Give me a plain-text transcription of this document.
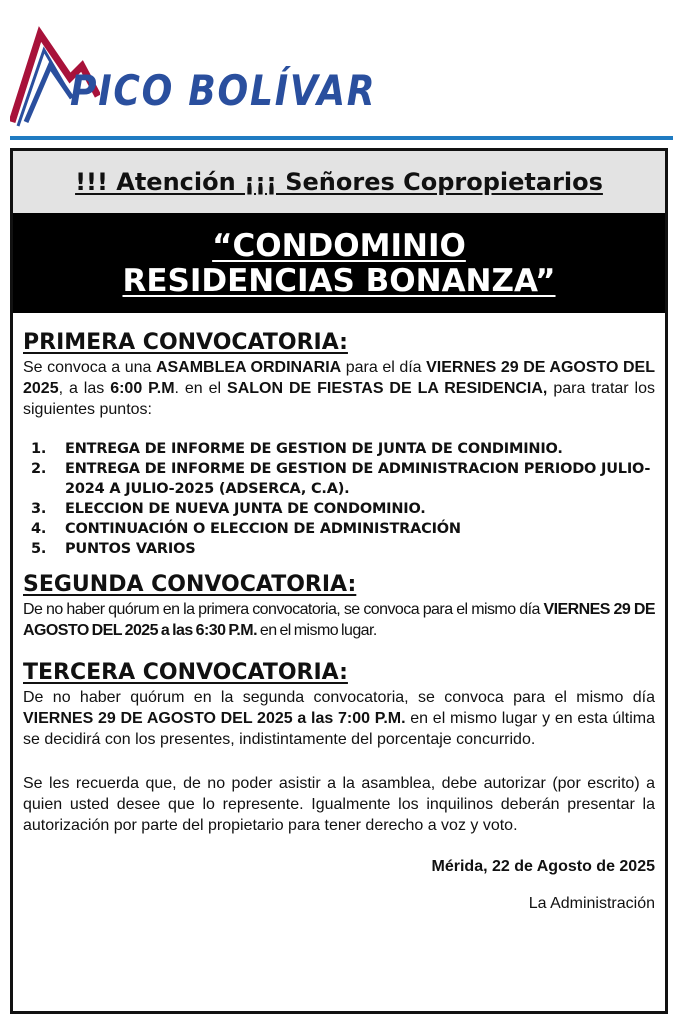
PICO BOLÍVAR
!!! Atención ¡¡¡ Señores Copropietarios
“CONDOMINIO
RESIDENCIAS BONANZA”
PRIMERA CONVOCATORIA:

Se convoca a una ASAMBLEA ORDINARIA para el día VIERNES 29 DE AGOSTO DEL 2025, a las 6:00 P.M. en el SALON DE FIESTAS DE LA RESIDENCIA, para tratar los siguientes puntos:

1. ENTREGA DE INFORME DE GESTION DE JUNTA DE CONDIMINIO.
2. ENTREGA DE INFORME DE GESTION DE ADMINISTRACION PERIODO JULIO-2024 A JULIO-2025 (ADSERCA, C.A).
3. ELECCION DE NUEVA JUNTA DE CONDOMINIO.
4. CONTINUACIÓN O ELECCION DE ADMINISTRACIÓN
5. PUNTOS VARIOS
SEGUNDA CONVOCATORIA:

De no haber quórum en la primera convocatoria, se convoca para el mismo día VIERNES 29 DE AGOSTO DEL 2025 a las 6:30 P.M. en el mismo lugar.

TERCERA CONVOCATORIA:

De no haber quórum en la segunda convocatoria, se convoca para el mismo día VIERNES 29 DE AGOSTO DEL 2025 a las 7:00 P.M. en el mismo lugar y en esta última se decidirá con los presentes, indistintamente del porcentaje concurrido.

Se les recuerda que, de no poder asistir a la asamblea, debe autorizar (por escrito) a quien usted desee que lo represente. Igualmente los inquilinos deberán presentar la autorización por parte del propietario para tener derecho a voz y voto.

Mérida, 22 de Agosto de 2025
La Administración
